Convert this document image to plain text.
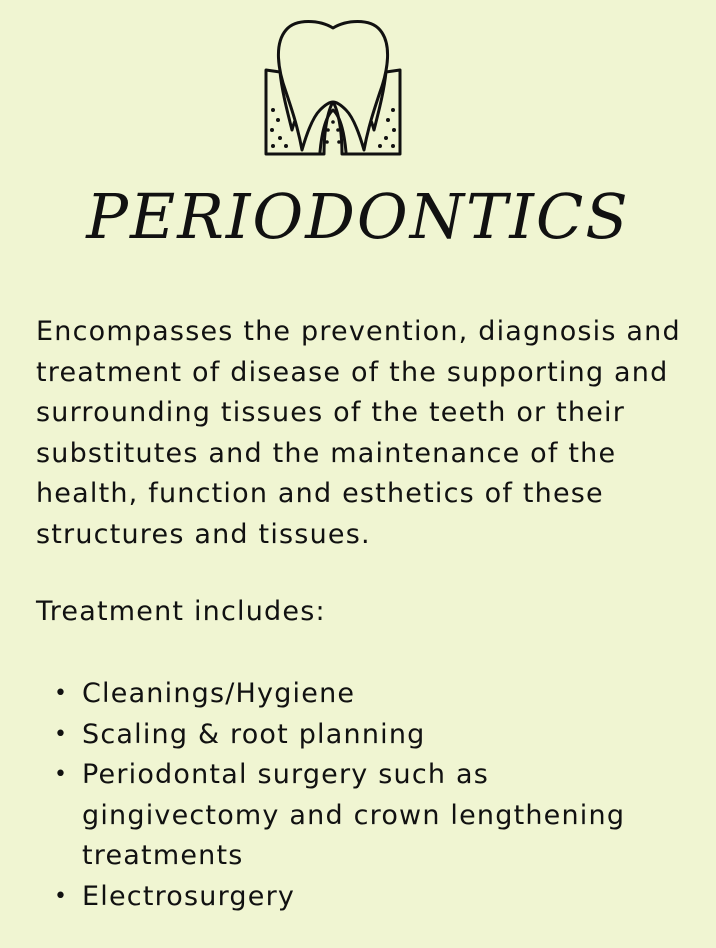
PERIODONTICS

Encompasses the prevention, diagnosis and treatment of disease of the supporting and surrounding tissues of the teeth or their substitutes and the maintenance of the health, function and esthetics of these structures and tissues.

Treatment includes:

• Cleanings/Hygiene
• Scaling & root planning
• Periodontal surgery such as gingivectomy and crown lengthening treatments
• Electrosurgery
